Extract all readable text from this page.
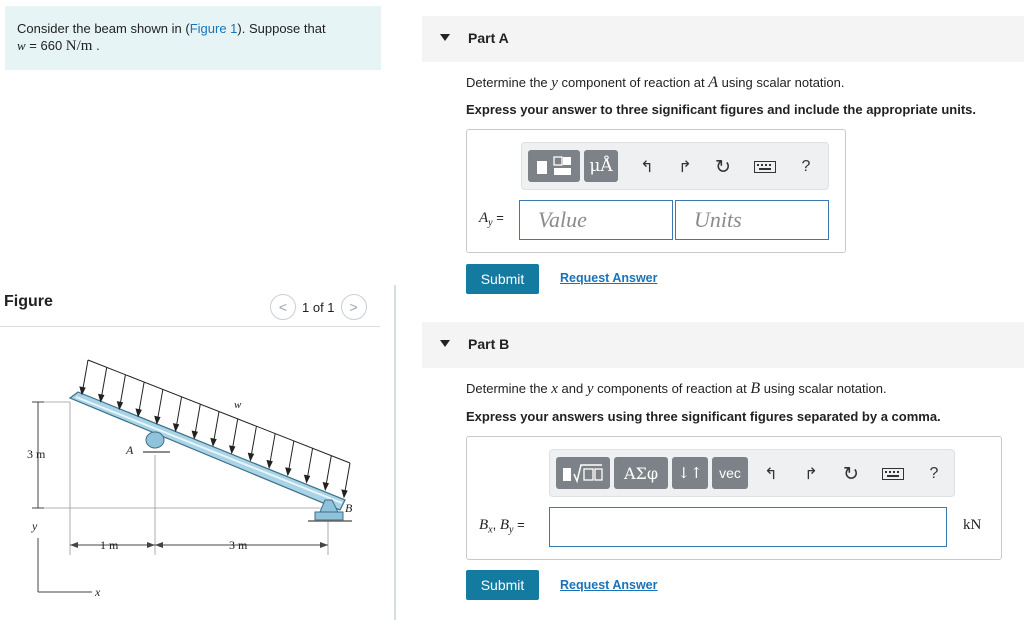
Consider the beam shown in (Figure 1). Suppose that
w = 660 N/m .
Figure	< 1 of 1 >
w
A
B
3 m
1 m	3 m
y
x
Part A
Determine the y component of reaction at A using scalar notation.
Express your answer to three significant figures and include the appropriate units.
μÅ	↰ ↱ ↻	?
$A_y$ =	Value	Units
Submit	Request Answer
Part B
Determine the x and y components of reaction at B using scalar notation.
Express your answers using three significant figures separated by a comma.
ΑΣφ	↓↑	vec	↰ ↱ ↻	?
$B_x$, $B_y$ =	kN
Submit	Request Answer
